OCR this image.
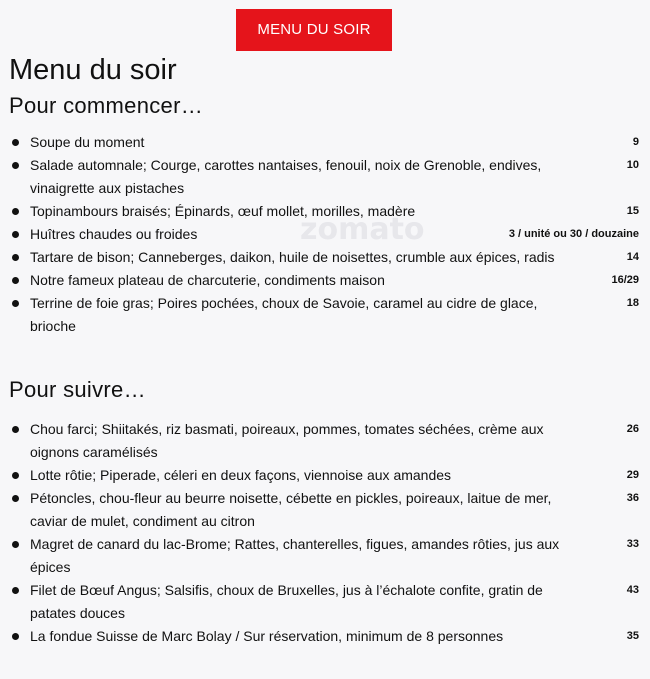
MENU DU SOIR
Menu du soir
zomato
Pour commencer…
Soupe du moment	9
Salade automnale; Courge, carottes nantaises, fenouil, noix de Grenoble, endives, vinaigrette aux pistaches
10
Topinambours braisés; Épinards, œuf mollet, morilles, madère	15
Huîtres chaudes ou froides	3 / unité ou 30 / douzaine
Tartare de bison; Canneberges, daikon, huile de noisettes, crumble aux épices, radis	14
Notre fameux plateau de charcuterie, condiments maison	16/29
Terrine de foie gras; Poires pochées, choux de Savoie, caramel au cidre de glace, brioche
18
Pour suivre…
Chou farci; Shiitakés, riz basmati, poireaux, pommes, tomates séchées, crème aux oignons caramélisés
26
Lotte rôtie; Piperade, céleri en deux façons, viennoise aux amandes	29
Pétoncles, chou-fleur au beurre noisette, cébette en pickles, poireaux, laitue de mer, caviar de mulet, condiment au citron
36
Magret de canard du lac-Brome; Rattes, chanterelles, figues, amandes rôties, jus aux épices
33
Filet de Bœuf Angus; Salsifis, choux de Bruxelles, jus à l’échalote confite, gratin de patates douces
43
La fondue Suisse de Marc Bolay / Sur réservation, minimum de 8 personnes	35
